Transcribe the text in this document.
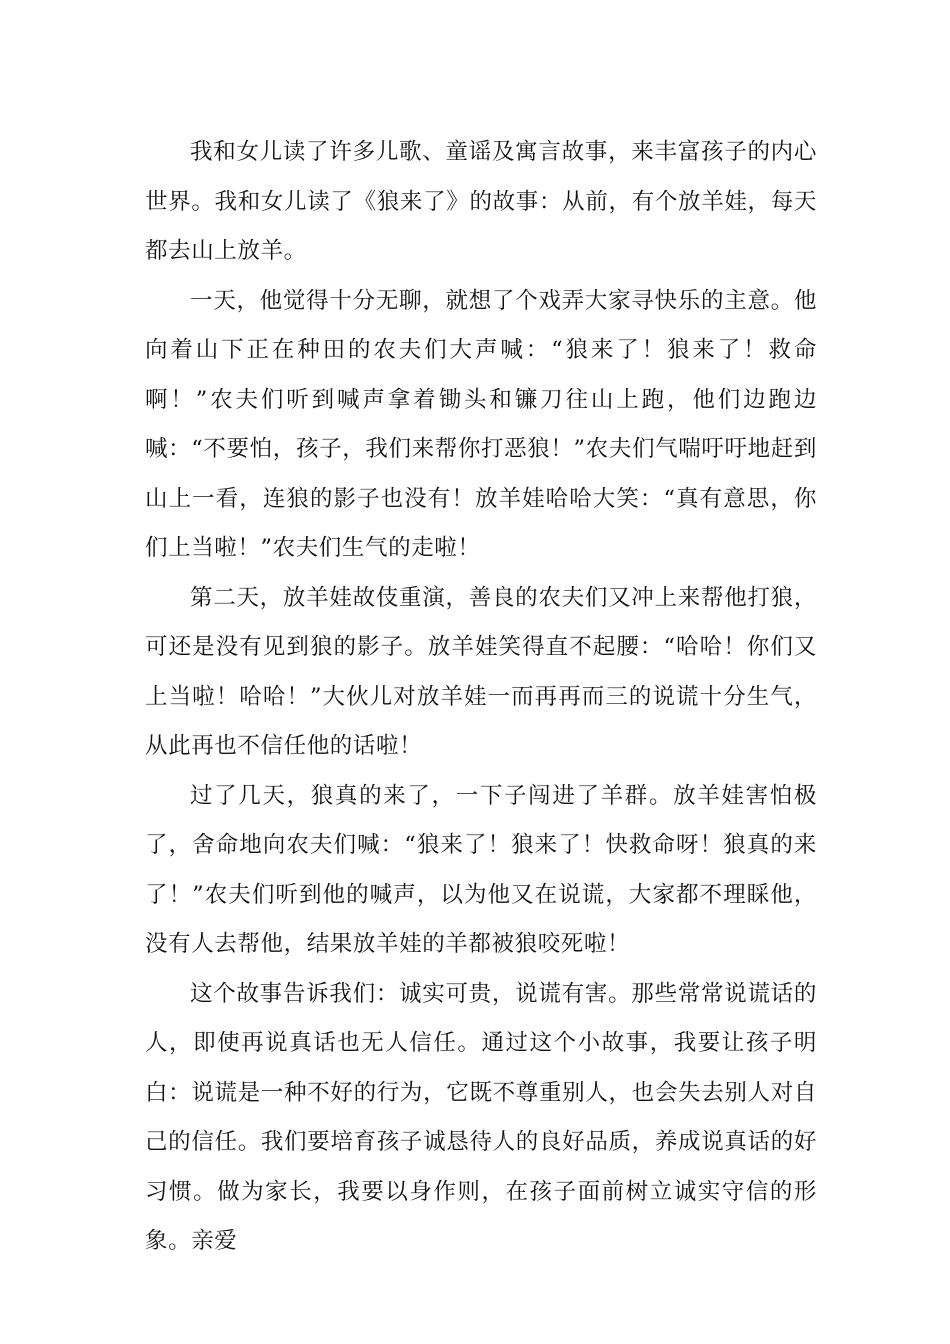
我和女儿读了许多儿歌、童谣及寓言故事，来丰富孩子的内心世界。我和女儿读了《狼来了》的故事：从前，有个放羊娃，每天都去山上放羊。

一天，他觉得十分无聊，就想了个戏弄大家寻快乐的主意。他向着山下正在种田的农夫们大声喊：“狼来了！狼来了！救命啊！”农夫们听到喊声拿着锄头和镰刀往山上跑，他们边跑边喊：“不要怕，孩子，我们来帮你打恶狼！”农夫们气喘吁吁地赶到山上一看，连狼的影子也没有！放羊娃哈哈大笑：“真有意思，你们上当啦！”农夫们生气的走啦！

第二天，放羊娃故伎重演，善良的农夫们又冲上来帮他打狼，可还是没有见到狼的影子。放羊娃笑得直不起腰：“哈哈！你们又上当啦！哈哈！”大伙儿对放羊娃一而再再而三的说谎十分生气，从此再也不信任他的话啦！

过了几天，狼真的来了，一下子闯进了羊群。放羊娃害怕极了，舍命地向农夫们喊：“狼来了！狼来了！快救命呀！狼真的来了！”农夫们听到他的喊声，以为他又在说谎，大家都不理睬他，没有人去帮他，结果放羊娃的羊都被狼咬死啦！

这个故事告诉我们：诚实可贵，说谎有害。那些常常说谎话的人，即使再说真话也无人信任。通过这个小故事，我要让孩子明白：说谎是一种不好的行为，它既不尊重别人，也会失去别人对自己的信任。我们要培育孩子诚恳待人的良好品质，养成说真话的好习惯。做为家长，我要以身作则，在孩子面前树立诚实守信的形象。亲爱
